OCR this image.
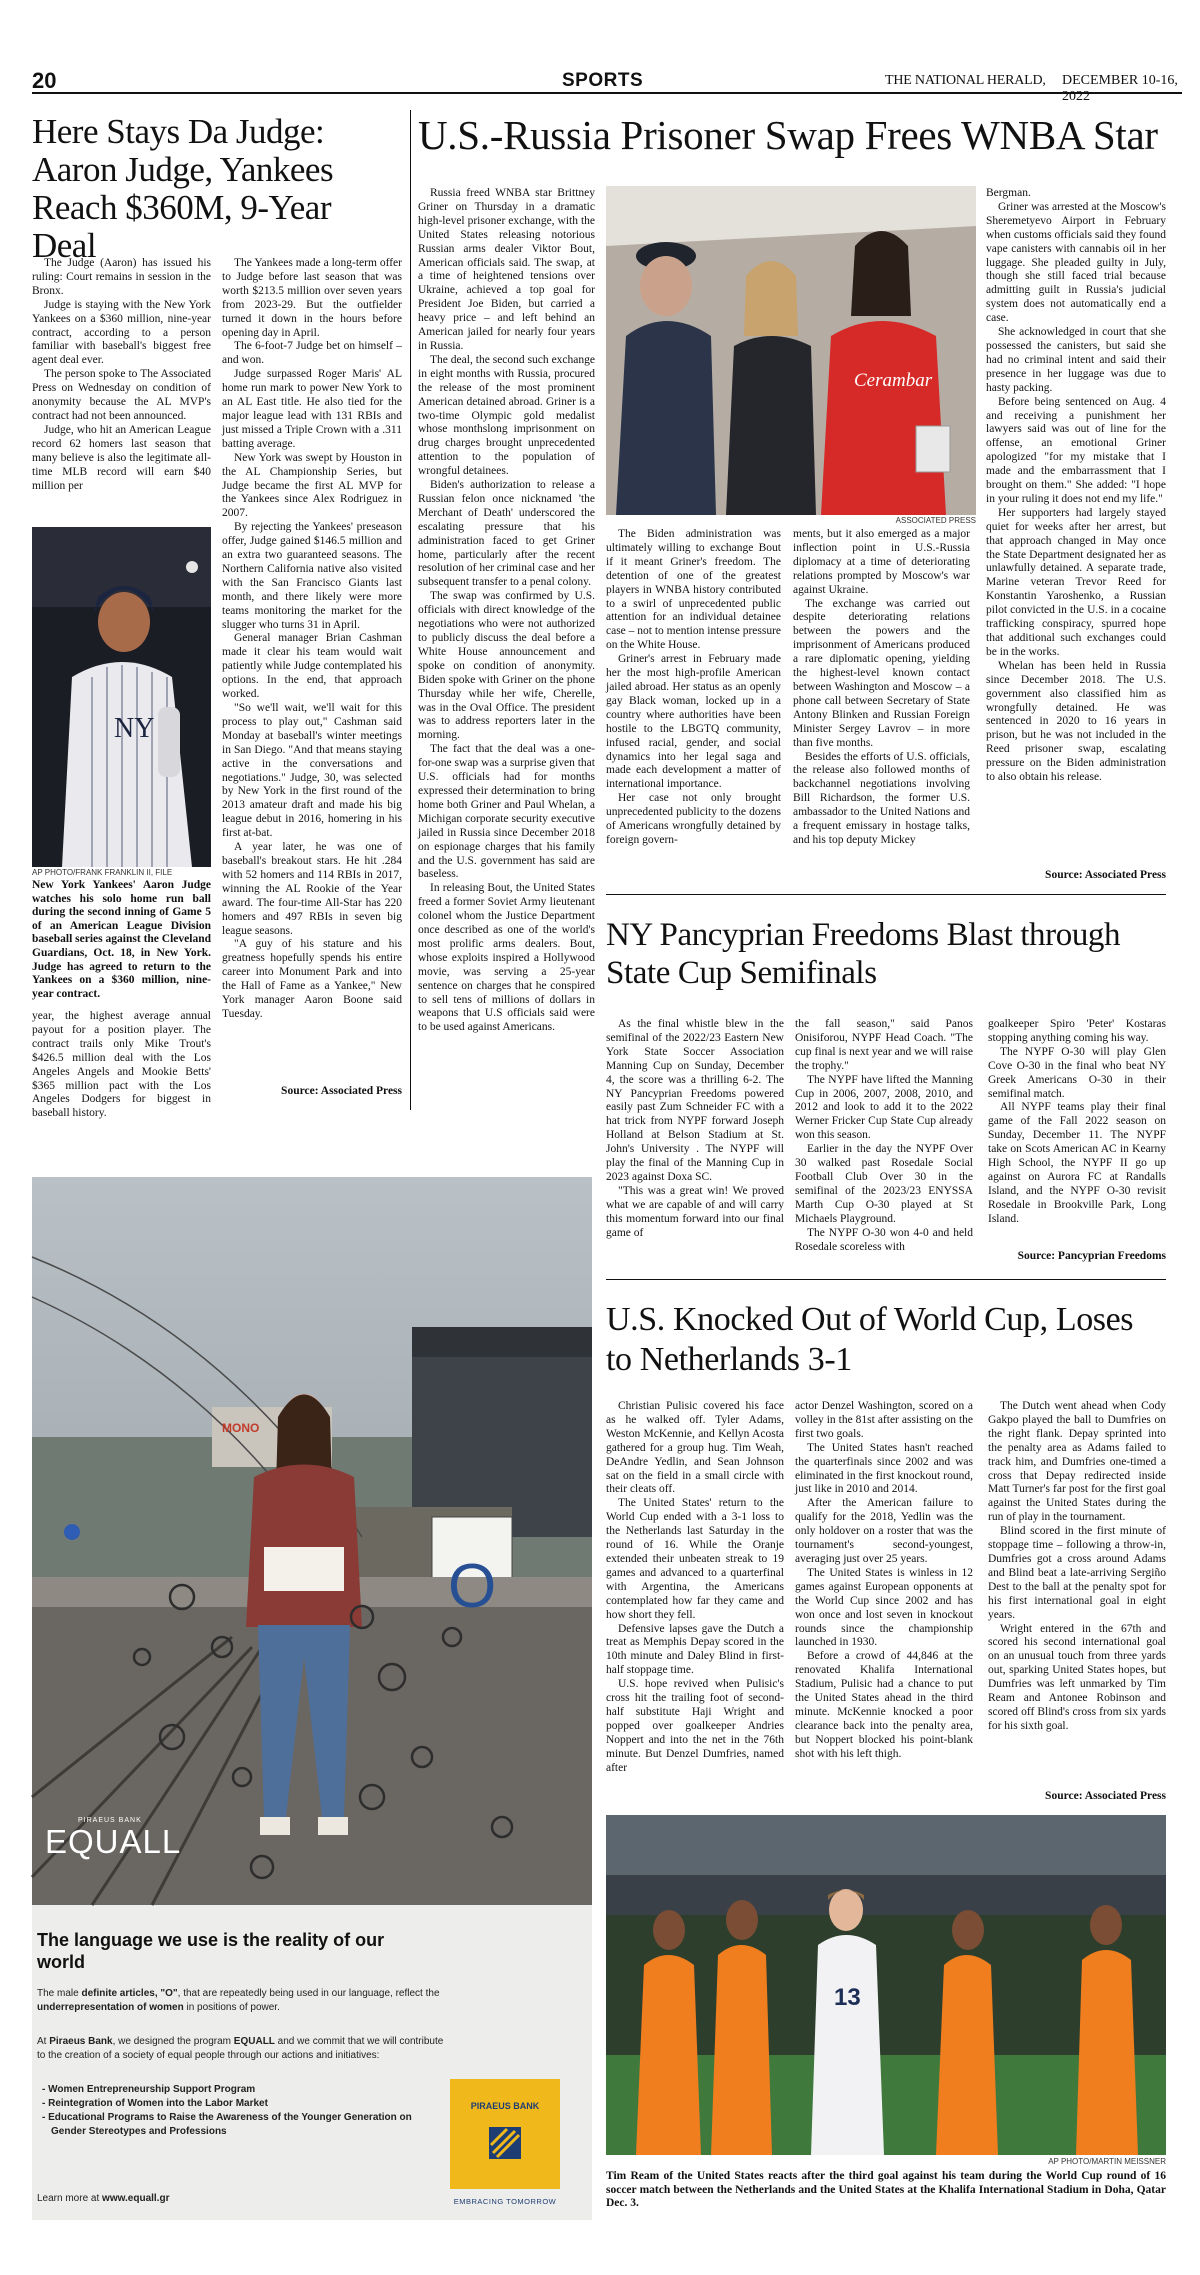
20	SPORTS	THE NATIONAL HERALD, DECEMBER 10-16, 2022
Here Stays Da Judge: Aaron Judge, Yankees Reach $360M, 9-Year Deal

The Judge (Aaron) has issued his ruling: Court remains in session in the Bronx.

Judge is staying with the New York Yankees on a $360 million, nine-year contract, according to a person familiar with baseball's biggest free agent deal ever.

The person spoke to The Associated Press on Wednesday on condition of anonymity because the AL MVP's contract had not been announced.

Judge, who hit an American League record 62 homers last season that many believe is also the legitimate all-time MLB record will earn $40 million per

NY
AP PHOTO/FRANK FRANKLIN II, FILE
New York Yankees' Aaron Judge watches his solo home run ball during the second inning of Game 5 of an American League Division baseball series against the Cleveland Guardians, Oct. 18, in New York. Judge has agreed to return to the Yankees on a $360 million, nine-year contract.

year, the highest average annual payout for a position player. The contract trails only Mike Trout's $426.5 million deal with the Los Angeles Angels and Mookie Betts' $365 million pact with the Los Angeles Dodgers for biggest in baseball history.

The Yankees made a long-term offer to Judge before last season that was worth $213.5 million over seven years from 2023-29. But the outfielder turned it down in the hours before opening day in April.

The 6-foot-7 Judge bet on himself – and won.

Judge surpassed Roger Maris' AL home run mark to power New York to an AL East title. He also tied for the major league lead with 131 RBIs and just missed a Triple Crown with a .311 batting average.

New York was swept by Houston in the AL Championship Series, but Judge became the first AL MVP for the Yankees since Alex Rodriguez in 2007.

By rejecting the Yankees' preseason offer, Judge gained $146.5 million and an extra two guaranteed seasons. The Northern California native also visited with the San Francisco Giants last month, and there likely were more teams monitoring the market for the slugger who turns 31 in April.

General manager Brian Cashman made it clear his team would wait patiently while Judge contemplated his options. In the end, that approach worked.

"So we'll wait, we'll wait for this process to play out," Cashman said Monday at baseball's winter meetings in San Diego. "And that means staying active in the conversations and negotiations." Judge, 30, was selected by New York in the first round of the 2013 amateur draft and made his big league debut in 2016, homering in his first at-bat.

A year later, he was one of baseball's breakout stars. He hit .284 with 52 homers and 114 RBIs in 2017, winning the AL Rookie of the Year award. The four-time All-Star has 220 homers and 497 RBIs in seven big league seasons.

"A guy of his stature and his greatness hopefully spends his entire career into Monument Park and into the Hall of Fame as a Yankee," New York manager Aaron Boone said Tuesday.

Source: Associated Press
U.S.-Russia Prisoner Swap Frees WNBA Star

Russia freed WNBA star Brittney Griner on Thursday in a dramatic high-level prisoner exchange, with the United States releasing notorious Russian arms dealer Viktor Bout, American officials said. The swap, at a time of heightened tensions over Ukraine, achieved a top goal for President Joe Biden, but carried a heavy price – and left behind an American jailed for nearly four years in Russia.

The deal, the second such exchange in eight months with Russia, procured the release of the most prominent American detained abroad. Griner is a two-time Olympic gold medalist whose monthslong imprisonment on drug charges brought unprecedented attention to the population of wrongful detainees.

Biden's authorization to release a Russian felon once nicknamed 'the Merchant of Death' underscored the escalating pressure that his administration faced to get Griner home, particularly after the recent resolution of her criminal case and her subsequent transfer to a penal colony.

The swap was confirmed by U.S. officials with direct knowledge of the negotiations who were not authorized to publicly discuss the deal before a White House announcement and spoke on condition of anonymity. Biden spoke with Griner on the phone Thursday while her wife, Cherelle, was in the Oval Office. The president was to address reporters later in the morning.

The fact that the deal was a one-for-one swap was a surprise given that U.S. officials had for months expressed their determination to bring home both Griner and Paul Whelan, a Michigan corporate security executive jailed in Russia since December 2018 on espionage charges that his family and the U.S. government has said are baseless.

In releasing Bout, the United States freed a former Soviet Army lieutenant colonel whom the Justice Department once described as one of the world's most prolific arms dealers. Bout, whose exploits inspired a Hollywood movie, was serving a 25-year sentence on charges that he conspired to sell tens of millions of dollars in weapons that U.S officials said were to be used against Americans.

Cerambar
ASSOCIATED PRESS

The Biden administration was ultimately willing to exchange Bout if it meant Griner's freedom. The detention of one of the greatest players in WNBA history contributed to a swirl of unprecedented public attention for an individual detainee case – not to mention intense pressure on the White House.

Griner's arrest in February made her the most high-profile American jailed abroad. Her status as an openly gay Black woman, locked up in a country where authorities have been hostile to the LBGTQ community, infused racial, gender, and social dynamics into her legal saga and made each development a matter of international importance.

Her case not only brought unprecedented publicity to the dozens of Americans wrongfully detained by foreign govern-

ments, but it also emerged as a major inflection point in U.S.-Russia diplomacy at a time of deteriorating relations prompted by Moscow's war against Ukraine.

The exchange was carried out despite deteriorating relations between the powers and the imprisonment of Americans produced a rare diplomatic opening, yielding the highest-level known contact between Washington and Moscow – a phone call between Secretary of State Antony Blinken and Russian Foreign Minister Sergey Lavrov – in more than five months.

Besides the efforts of U.S. officials, the release also followed months of backchannel negotiations involving Bill Richardson, the former U.S. ambassador to the United Nations and a frequent emissary in hostage talks, and his top deputy Mickey

Bergman.

Griner was arrested at the Moscow's Sheremetyevo Airport in February when customs officials said they found vape canisters with cannabis oil in her luggage. She pleaded guilty in July, though she still faced trial because admitting guilt in Russia's judicial system does not automatically end a case.

She acknowledged in court that she possessed the canisters, but said she had no criminal intent and said their presence in her luggage was due to hasty packing.

Before being sentenced on Aug. 4 and receiving a punishment her lawyers said was out of line for the offense, an emotional Griner apologized "for my mistake that I made and the embarrassment that I brought on them." She added: "I hope in your ruling it does not end my life."

Her supporters had largely stayed quiet for weeks after her arrest, but that approach changed in May once the State Department designated her as unlawfully detained. A separate trade, Marine veteran Trevor Reed for Konstantin Yaroshenko, a Russian pilot convicted in the U.S. in a cocaine trafficking conspiracy, spurred hope that additional such exchanges could be in the works.

Whelan has been held in Russia since December 2018. The U.S. government also classified him as wrongfully detained. He was sentenced in 2020 to 16 years in prison, but he was not included in the Reed prisoner swap, escalating pressure on the Biden administration to also obtain his release.

Source: Associated Press
NY Pancyprian Freedoms Blast through State Cup Semifinals

As the final whistle blew in the semifinal of the 2022/23 Eastern New York State Soccer Association Manning Cup on Sunday, December 4, the score was a thrilling 6-2. The NY Pancyprian Freedoms powered easily past Zum Schneider FC with a hat trick from NYPF forward Joseph Holland at Belson Stadium at St. John's University . The NYPF will play the final of the Manning Cup in 2023 against Doxa SC.

"This was a great win! We proved what we are capable of and will carry this momentum forward into our final game of

the fall season," said Panos Onisiforou, NYPF Head Coach. "The cup final is next year and we will raise the trophy."

The NYPF have lifted the Manning Cup in 2006, 2007, 2008, 2010, and 2012 and look to add it to the 2022 Werner Fricker Cup State Cup already won this season.

Earlier in the day the NYPF Over 30 walked past Rosedale Social Football Club Over 30 in the semifinal of the 2023/23 ENYSSA Marth Cup O-30 played at St Michaels Playground.

The NYPF O-30 won 4-0 and held Rosedale scoreless with

goalkeeper Spiro 'Peter' Kostaras stopping anything coming his way.

The NYPF O-30 will play Glen Cove O-30 in the final who beat NY Greek Americans O-30 in their semifinal match.

All NYPF teams play their final game of the Fall 2022 season on Sunday, December 11. The NYPF take on Scots American AC in Kearny High School, the NYPF II go up against on Aurora FC at Randalls Island, and the NYPF O-30 revisit Rosedale in Brookville Park, Long Island.

Source: Pancyprian Freedoms
U.S. Knocked Out of World Cup, Loses to Netherlands 3-1

Christian Pulisic covered his face as he walked off. Tyler Adams, Weston McKennie, and Kellyn Acosta gathered for a group hug. Tim Weah, DeAndre Yedlin, and Sean Johnson sat on the field in a small circle with their cleats off.

The United States' return to the World Cup ended with a 3-1 loss to the Netherlands last Saturday in the round of 16. While the Oranje extended their unbeaten streak to 19 games and advanced to a quarterfinal with Argentina, the Americans contemplated how far they came and how short they fell.

Defensive lapses gave the Dutch a treat as Memphis Depay scored in the 10th minute and Daley Blind in first-half stoppage time.

U.S. hope revived when Pulisic's cross hit the trailing foot of second-half substitute Haji Wright and popped over goalkeeper Andries Noppert and into the net in the 76th minute. But Denzel Dumfries, named after

actor Denzel Washington, scored on a volley in the 81st after assisting on the first two goals.

The United States hasn't reached the quarterfinals since 2002 and was eliminated in the first knockout round, just like in 2010 and 2014.

After the American failure to qualify for the 2018, Yedlin was the only holdover on a roster that was the tournament's second-youngest, averaging just over 25 years.

The United States is winless in 12 games against European opponents at the World Cup since 2002 and has won once and lost seven in knockout rounds since the championship launched in 1930.

Before a crowd of 44,846 at the renovated Khalifa International Stadium, Pulisic had a chance to put the United States ahead in the third minute. McKennie knocked a poor clearance back into the penalty area, but Noppert blocked his point-blank shot with his left thigh.

The Dutch went ahead when Cody Gakpo played the ball to Dumfries on the right flank. Depay sprinted into the penalty area as Adams failed to track him, and Dumfries one-timed a cross that Depay redirected inside Matt Turner's far post for the first goal against the United States during the run of play in the tournament.

Blind scored in the first minute of stoppage time – following a throw-in, Dumfries got a cross around Adams and Blind beat a late-arriving Sergiño Dest to the ball at the penalty spot for his first international goal in eight years.

Wright entered in the 67th and scored his second international goal on an unusual touch from three yards out, sparking United States hopes, but Dumfries was left unmarked by Tim Ream and Antonee Robinson and scored off Blind's cross from six yards for his sixth goal.

Source: Associated Press
13
AP PHOTO/MARTIN MEISSNER
Tim Ream of the United States reacts after the third goal against his team during the World Cup round of 16 soccer match between the Netherlands and the United States at the Khalifa International Stadium in Doha, Qatar Dec. 3.
MONO
O
PIRAEUS BANK
EQUALL
The language we use is the reality of our world
The male definite articles, "O", that are repeatedly being used in our language, reflect the underrepresentation of women in positions of power.
At Piraeus Bank, we designed the program EQUALL and we commit that we will contribute to the creation of a society of equal people through our actions and initiatives:
- Women Entrepreneurship Support Program
- Reintegration of Women into the Labor Market
- Educational Programs to Raise the Awareness of the Younger Generation on Gender Stereotypes and Professions
Learn more at www.equall.gr
PIRAEUS BANK
EMBRACING TOMORROW
